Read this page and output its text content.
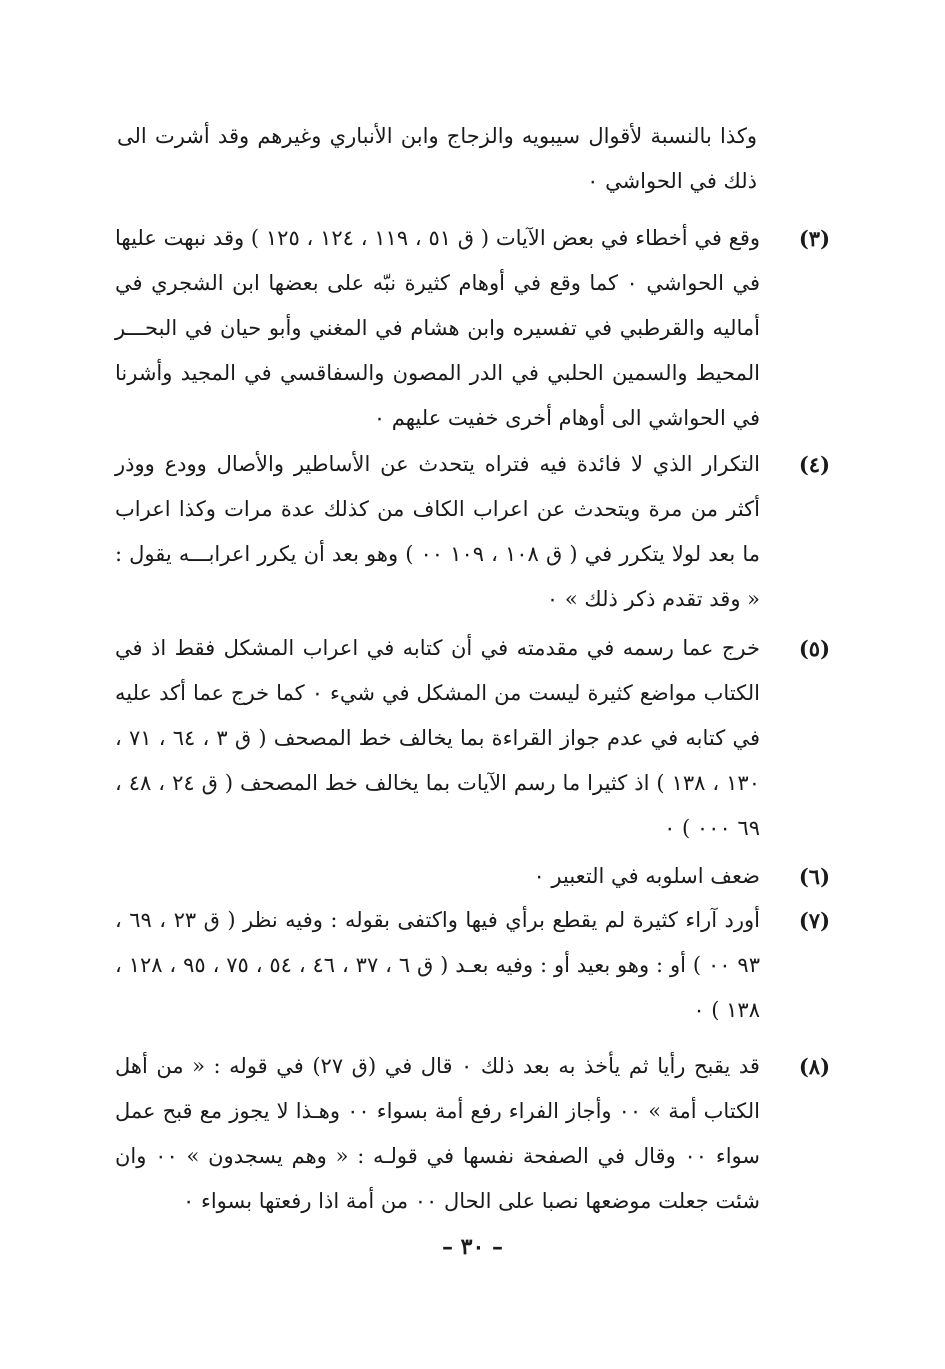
وكذا بالنسبة لأقوال سيبويه والزجاج وابن الأنباري وغيرهم وقد أشرت الى ذلك في الحواشي ٠
(٣)
وقع في أخطاء في بعض الآيات ( ق ٥١ ، ١١٩ ، ١٢٤ ، ١٢٥ ) وقد نبهت عليها في الحواشي ٠ كما وقع في أوهام كثيرة نبّه على بعضها ابن الشجري في أماليه والقرطبي في تفسيره وابن هشام في المغني وأبو حيان في البحـــر المحيط والسمين الحلبي في الدر المصون والسفاقسي في المجيد وأشرنا في الحواشي الى أوهام أخرى خفيت عليهم ٠
(٤)
التكرار الذي لا فائدة فيه فتراه يتحدث عن الأساطير والأصال وودع ووذر أكثر من مرة ويتحدث عن اعراب الكاف من كذلك عدة مرات وكذا اعراب ما بعد لولا يتكرر في ( ق ١٠٨ ، ١٠٩ ٠٠ ) وهو بعد أن يكرر اعرابـــه يقول : « وقد تقدم ذكر ذلك » ٠
(٥)
خرج عما رسمه في مقدمته في أن كتابه في اعراب المشكل فقط اذ في الكتاب مواضع كثيرة ليست من المشكل في شيء ٠ كما خرج عما أكد عليه في كتابه في عدم جواز القراءة بما يخالف خط المصحف ( ق ٣ ، ٦٤ ، ٧١ ، ١٣٠ ، ١٣٨ ) اذ كثيرا ما رسم الآيات بما يخالف خط المصحف ( ق ٢٤ ، ٤٨ ، ٦٩ ٠٠٠ ) ٠
(٦)
ضعف اسلوبه في التعبير ٠
(٧)
أورد آراء كثيرة لم يقطع برأي فيها واكتفى بقوله : وفيه نظر ( ق ٢٣ ، ٦٩ ، ٩٣ ٠٠ ) أو : وهو بعيد أو : وفيه بعـد ( ق ٦ ، ٣٧ ، ٤٦ ، ٥٤ ، ٧٥ ، ٩٥ ، ١٢٨ ، ١٣٨ ) ٠
(٨)
قد يقبح رأيا ثم يأخذ به بعد ذلك ٠ قال في (ق ٢٧) في قوله : « من أهل الكتاب أمة » ٠٠ وأجاز الفراء رفع أمة بسواء ٠٠ وهـذا لا يجوز مع قبح عمل سواء ٠٠ وقال في الصفحة نفسها في قولـه : « وهم يسجدون » ٠٠ وان شئت جعلت موضعها نصبا على الحال ٠٠ من أمة اذا رفعتها بسواء ٠
– ٣٠ –
